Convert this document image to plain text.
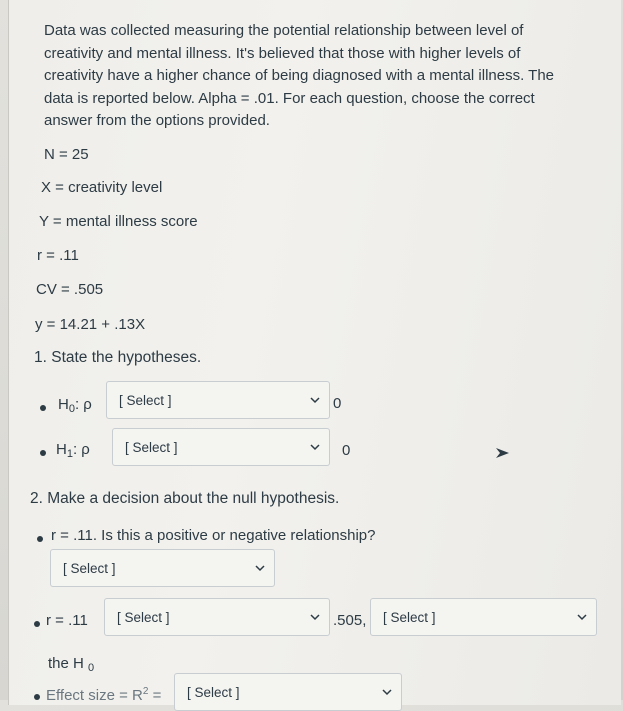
Data was collected measuring the potential relationship between level of creativity and mental illness. It's believed that those with higher levels of creativity have a higher chance of being diagnosed with a mental illness. The data is reported below. Alpha = .01. For each question, choose the correct answer from the options provided.

N = 25
X = creativity level
Y = mental illness score
r = .11
CV = .505
y = 14.21 + .13X
1. State the hypotheses.
$H_0$: ρ [ Select ]	0
$H_1$: ρ	[ Select ]	0
2. Make a decision about the null hypothesis.
r = .11. Is this a positive or negative relationship?
[ Select ]
r = .11 [ Select ]	.505, [ Select ]
the H $_0$
Effect size = $R^2$ = [ Select ]
